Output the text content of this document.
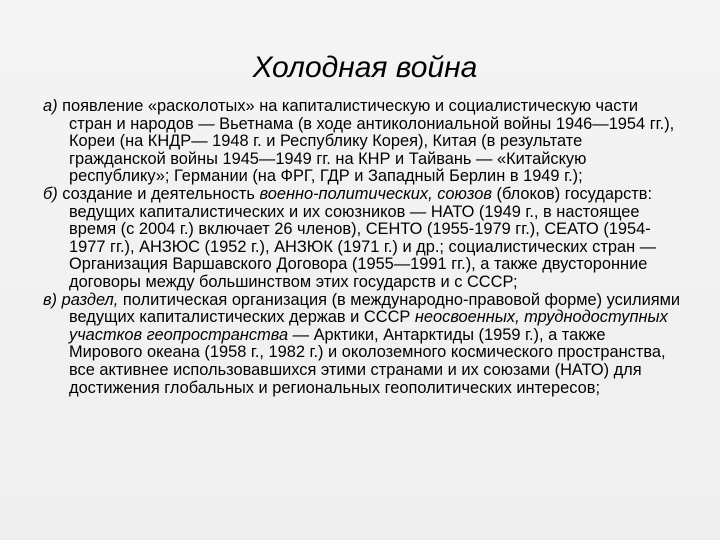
Холодная война

а) появление «расколотых» на капиталистическую и социалистическую части стран и народов — Вьетнама (в ходе антиколониальной войны 1946—1954 гг.), Кореи (на КНДР— 1948 г. и Республику Корея), Китая (в результате гражданской войны 1945—1949 гг. на КНР и Тайвань — «Китайскую республику»; Германии (на ФРГ, ГДР и Западный Берлин в 1949 г.);

б) создание и деятельность военно-политических, союзов (блоков) государств: ведущих капиталистических и их союзников — НАТО (1949 г., в настоящее время (с 2004 г.) включает 26 членов), СЕНТО (1955-1979 гг.), СЕАТО (1954-1977 гг.), АНЗЮС (1952 г.), АНЗЮК (1971 г.) и др.; социалистических стран — Организация Варшавского Договора (1955—1991 гг.), а также двусторонние договоры между большинством этих государств и с СССР;

в) раздел, политическая организация (в международно-правовой форме) усилиями ведущих капиталистических держав и СССР неосвоенных, труднодоступных участков геопространства — Арктики, Антарктиды (1959 г.), а также Мирового океана (1958 г., 1982 г.) и околоземного космического пространства, все активнее использовавшихся этими странами и их союзами (НАТО) для достижения глобальных и региональных геополитических интересов;
